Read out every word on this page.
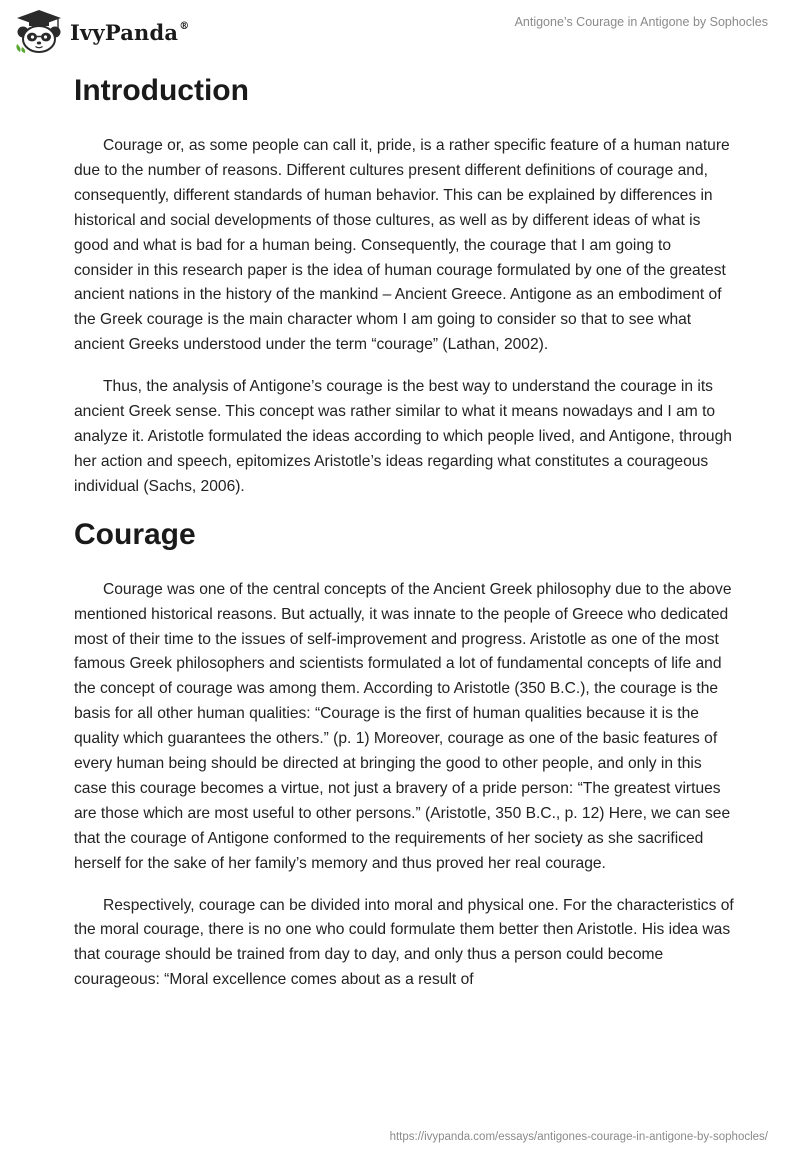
IvyPanda®	Antigone’s Courage in Antigone by Sophocles
Introduction

Courage or, as some people can call it, pride, is a rather specific feature of a human nature due to the number of reasons. Different cultures present different definitions of courage and, consequently, different standards of human behavior. This can be explained by differences in historical and social developments of those cultures, as well as by different ideas of what is good and what is bad for a human being. Consequently, the courage that I am going to consider in this research paper is the idea of human courage formulated by one of the greatest ancient nations in the history of the mankind – Ancient Greece. Antigone as an embodiment of the Greek courage is the main character whom I am going to consider so that to see what ancient Greeks understood under the term “courage” (Lathan, 2002).

Thus, the analysis of Antigone’s courage is the best way to understand the courage in its ancient Greek sense. This concept was rather similar to what it means nowadays and I am to analyze it. Aristotle formulated the ideas according to which people lived, and Antigone, through her action and speech, epitomizes Aristotle’s ideas regarding what constitutes a courageous individual (Sachs, 2006).

Courage

Courage was one of the central concepts of the Ancient Greek philosophy due to the above mentioned historical reasons. But actually, it was innate to the people of Greece who dedicated most of their time to the issues of self-improvement and progress. Aristotle as one of the most famous Greek philosophers and scientists formulated a lot of fundamental concepts of life and the concept of courage was among them. According to Aristotle (350 B.C.), the courage is the basis for all other human qualities: “Courage is the first of human qualities because it is the quality which guarantees the others.” (p. 1) Moreover, courage as one of the basic features of every human being should be directed at bringing the good to other people, and only in this case this courage becomes a virtue, not just a bravery of a pride person: “The greatest virtues are those which are most useful to other persons.” (Aristotle, 350 B.C., p. 12) Here, we can see that the courage of Antigone conformed to the requirements of her society as she sacrificed herself for the sake of her family’s memory and thus proved her real courage.

Respectively, courage can be divided into moral and physical one. For the characteristics of the moral courage, there is no one who could formulate them better then Aristotle. His idea was that courage should be trained from day to day, and only thus a person could become courageous: “Moral excellence comes about as a result of

https://ivypanda.com/essays/antigones-courage-in-antigone-by-sophocles/
